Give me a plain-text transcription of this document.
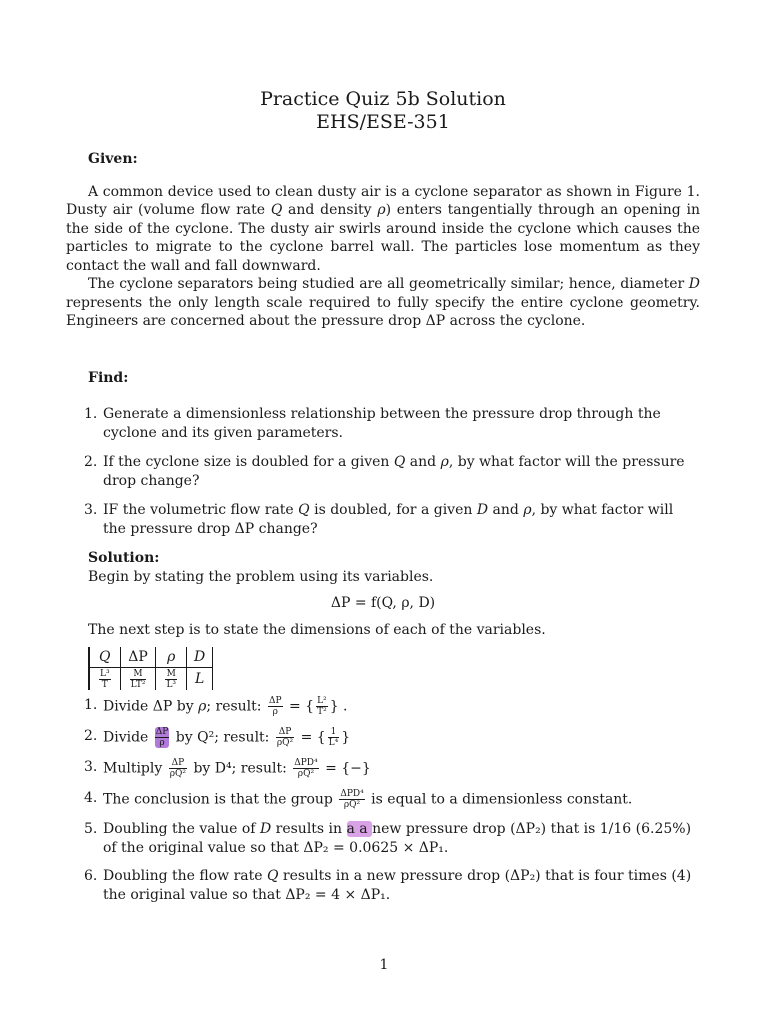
Practice Quiz 5b Solution
EHS/ESE-351
Given:

A common device used to clean dusty air is a cyclone separator as shown in Figure 1. Dusty air (volume flow rate Q and density ρ) enters tangentially through an opening in the side of the cyclone. The dusty air swirls around inside the cyclone which causes the particles to migrate to the cyclone barrel wall. The particles lose momentum as they contact the wall and fall downward.

The cyclone separators being studied are all geometrically similar; hence, diameter D represents the only length scale required to fully specify the entire cyclone geometry. Engineers are concerned about the pressure drop ΔP across the cyclone.

Find:
1. Generate a dimensionless relationship between the pressure drop through the cyclone and its given parameters.
2. If the cyclone size is doubled for a given Q and ρ, by what factor will the pressure drop change?
3. IF the volumetric flow rate Q is doubled, for a given D and ρ, by what factor will the pressure drop ΔP change?
Solution:
Begin by stating the problem using its variables.
ΔP = f(Q, ρ, D)
The next step is to state the dimensions of each of the variables.
Q	ΔP	ρ	D

$\frac{\text{L³}}{T}$	$\frac{M}{\text{LT²}}$	$\frac{M}{\text{L³}}$	L
1. Divide ΔP by ρ; result: $\frac{\Delta P}{\rho}$ = { $\frac{\text{L²}}{\text{T²}}$ } .
2. Divide $\frac{\Delta P}{\rho}$ by Q²; result: $\frac{\Delta P}{\text{ρQ²}}$ = { $\frac{1}{\text{L⁴}}$ }
3. Multiply $\frac{\Delta P}{\text{ρQ²}}$ by D⁴; result: $\frac{\text{ΔPD⁴}}{\text{ρQ²}}$ = {−}
4. The conclusion is that the group $\frac{\text{ΔPD⁴}}{\text{ρQ²}}$ is equal to a dimensionless constant.
5. Doubling the value of D results in a a new pressure drop (ΔP₂) that is 1/16 (6.25%) of the original value so that ΔP₂ = 0.0625 × ΔP₁.
6. Doubling the flow rate Q results in a new pressure drop (ΔP₂) that is four times (4) the original value so that ΔP₂ = 4 × ΔP₁.
1
